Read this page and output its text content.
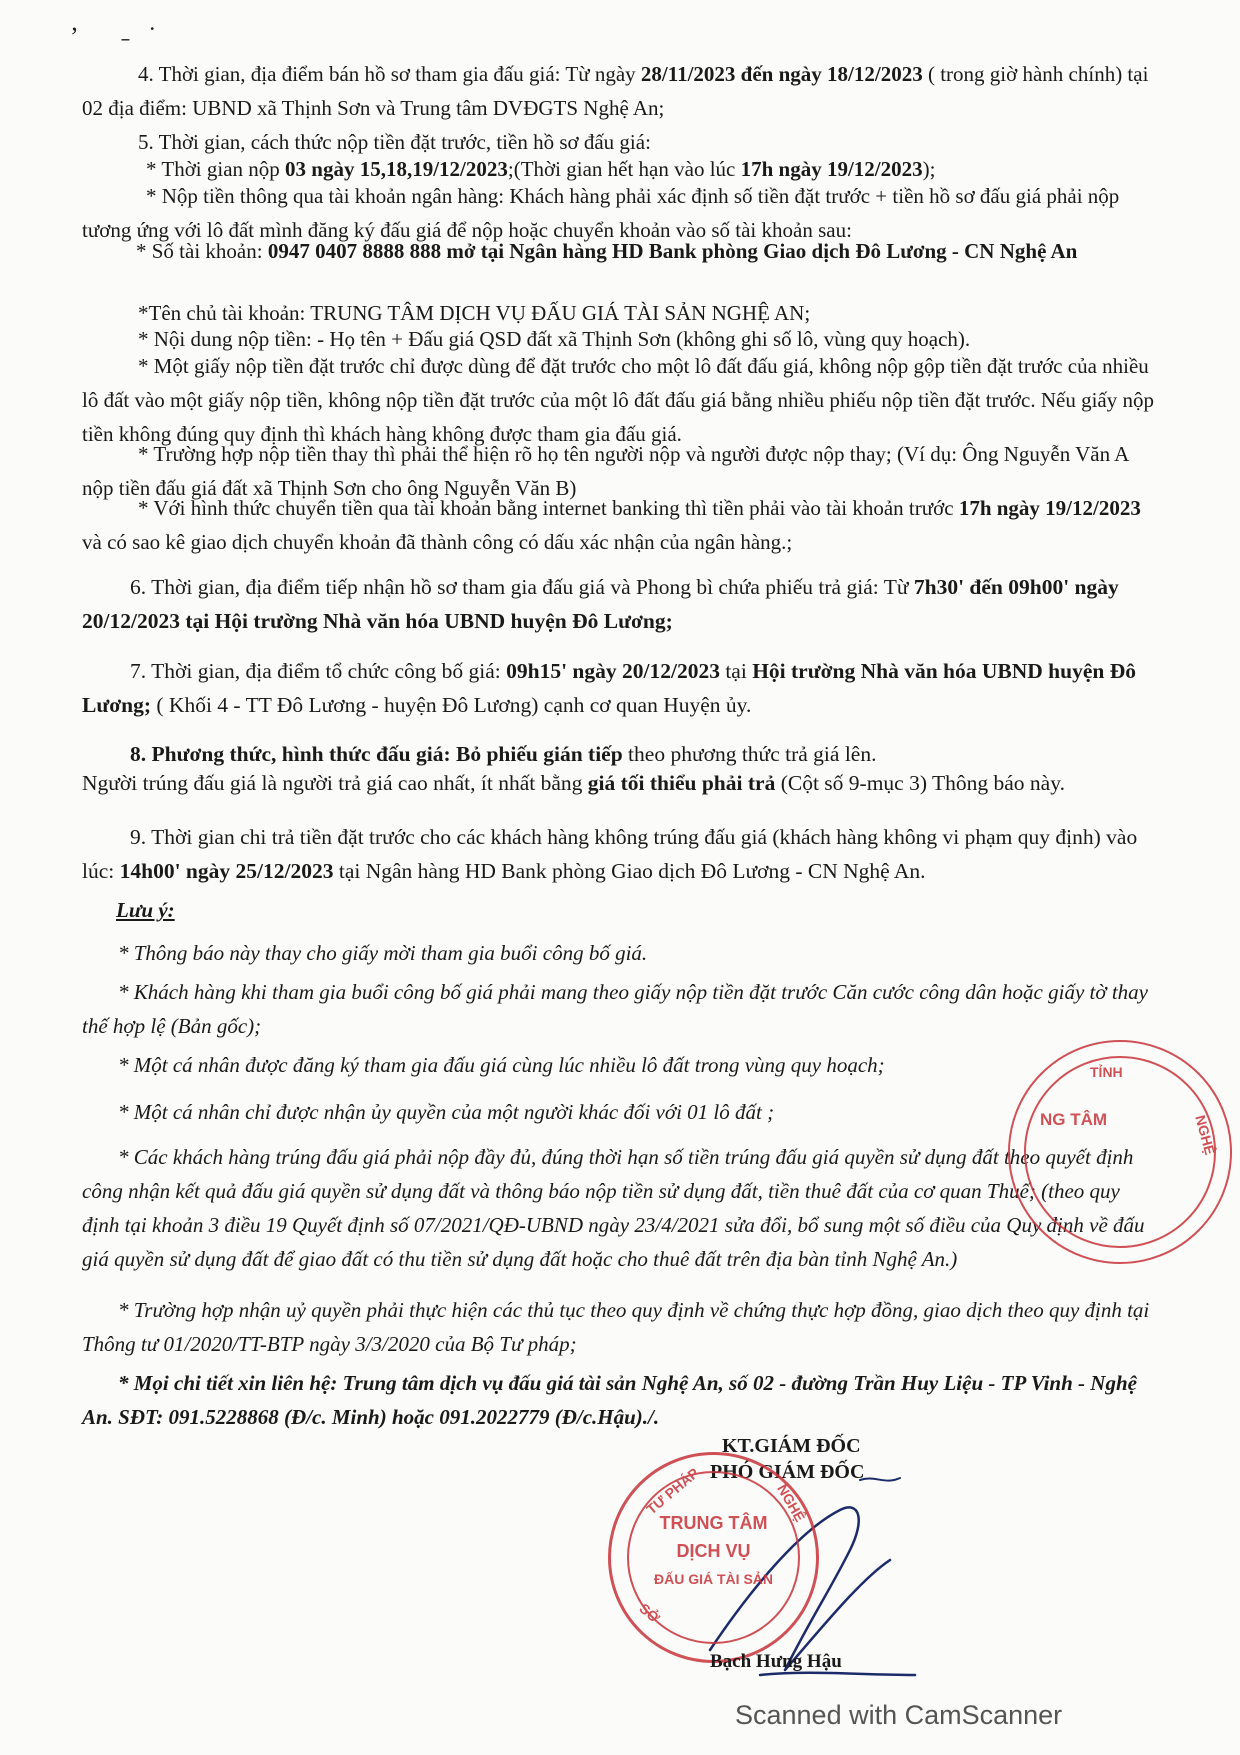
ʼ ˗˙
4. Thời gian, địa điểm bán hồ sơ tham gia đấu giá: Từ ngày 28/11/2023 đến ngày 18/12/2023 ( trong giờ hành chính) tại 02 địa điểm: UBND xã Thịnh Sơn và Trung tâm DVĐGTS Nghệ An;
5. Thời gian, cách thức nộp tiền đặt trước, tiền hồ sơ đấu giá:
* Thời gian nộp 03 ngày 15,18,19/12/2023;(Thời gian hết hạn vào lúc 17h ngày 19/12/2023);
* Nộp tiền thông qua tài khoản ngân hàng: Khách hàng phải xác định số tiền đặt trước + tiền hồ sơ đấu giá phải nộp tương ứng với lô đất mình đăng ký đấu giá để nộp hoặc chuyển khoản vào số tài khoản sau:
* Số tài khoản: 0947 0407 8888 888 mở tại Ngân hàng HD Bank phòng Giao dịch Đô Lương - CN Nghệ An
*Tên chủ tài khoản: TRUNG TÂM DỊCH VỤ ĐẤU GIÁ TÀI SẢN NGHỆ AN;
* Nội dung nộp tiền: - Họ tên + Đấu giá QSD đất xã Thịnh Sơn (không ghi số lô, vùng quy hoạch).
* Một giấy nộp tiền đặt trước chỉ được dùng để đặt trước cho một lô đất đấu giá, không nộp gộp tiền đặt trước của nhiều lô đất vào một giấy nộp tiền, không nộp tiền đặt trước của một lô đất đấu giá bằng nhiều phiếu nộp tiền đặt trước. Nếu giấy nộp tiền không đúng quy định thì khách hàng không được tham gia đấu giá.
* Trường hợp nộp tiền thay thì phải thể hiện rõ họ tên người nộp và người được nộp thay; (Ví dụ: Ông Nguyễn Văn A nộp tiền đấu giá đất xã Thịnh Sơn cho ông Nguyễn Văn B)
* Với hình thức chuyển tiền qua tài khoản bằng internet banking thì tiền phải vào tài khoản trước 17h ngày 19/12/2023 và có sao kê giao dịch chuyển khoản đã thành công có dấu xác nhận của ngân hàng.;
6. Thời gian, địa điểm tiếp nhận hồ sơ tham gia đấu giá và Phong bì chứa phiếu trả giá: Từ 7h30' đến 09h00' ngày 20/12/2023 tại Hội trường Nhà văn hóa UBND huyện Đô Lương;
7. Thời gian, địa điểm tổ chức công bố giá: 09h15' ngày 20/12/2023 tại Hội trường Nhà văn hóa UBND huyện Đô Lương; ( Khối 4 - TT Đô Lương - huyện Đô Lương) cạnh cơ quan Huyện ủy.
8. Phương thức, hình thức đấu giá: Bỏ phiếu gián tiếp theo phương thức trả giá lên.
Người trúng đấu giá là người trả giá cao nhất, ít nhất bằng giá tối thiểu phải trả (Cột số 9-mục 3) Thông báo này.
9. Thời gian chi trả tiền đặt trước cho các khách hàng không trúng đấu giá (khách hàng không vi phạm quy định) vào lúc: 14h00' ngày 25/12/2023 tại Ngân hàng HD Bank phòng Giao dịch Đô Lương - CN Nghệ An.
Lưu ý:
* Thông báo này thay cho giấy mời tham gia buổi công bố giá.
* Khách hàng khi tham gia buổi công bố giá phải mang theo giấy nộp tiền đặt trước Căn cước công dân hoặc giấy tờ thay thế hợp lệ (Bản gốc);
* Một cá nhân được đăng ký tham gia đấu giá cùng lúc nhiều lô đất trong vùng quy hoạch;
* Một cá nhân chỉ được nhận ủy quyền của một người khác đối với 01 lô đất ;
* Các khách hàng trúng đấu giá phải nộp đầy đủ, đúng thời hạn số tiền trúng đấu giá quyền sử dụng đất theo quyết định công nhận kết quả đấu giá quyền sử dụng đất và thông báo nộp tiền sử dụng đất, tiền thuê đất của cơ quan Thuế; (theo quy định tại khoản 3 điều 19 Quyết định số 07/2021/QĐ-UBND ngày 23/4/2021 sửa đổi, bổ sung một số điều của Quy định về đấu giá quyền sử dụng đất để giao đất có thu tiền sử dụng đất hoặc cho thuê đất trên địa bàn tỉnh Nghệ An.)
* Trường hợp nhận uỷ quyền phải thực hiện các thủ tục theo quy định về chứng thực hợp đồng, giao dịch theo quy định tại Thông tư 01/2020/TT-BTP ngày 3/3/2020 của Bộ Tư pháp;
* Mọi chi tiết xin liên hệ: Trung tâm dịch vụ đấu giá tài sản Nghệ An, số 02 - đường Trần Huy Liệu - TP Vinh - Nghệ An. SĐT: 091.5228868 (Đ/c. Minh) hoặc 091.2022779 (Đ/c.Hậu)./.
TỈNH
NGHỆ
NG TÂM
KT.GIÁM ĐỐC
PHÓ GIÁM ĐỐC
TƯ PHÁP	NGHỆ
SỞ
TRUNG TÂM
DỊCH VỤ
ĐẤU GIÁ TÀI SẢN
Bạch Hưng Hậu
Scanned with CamScanner
